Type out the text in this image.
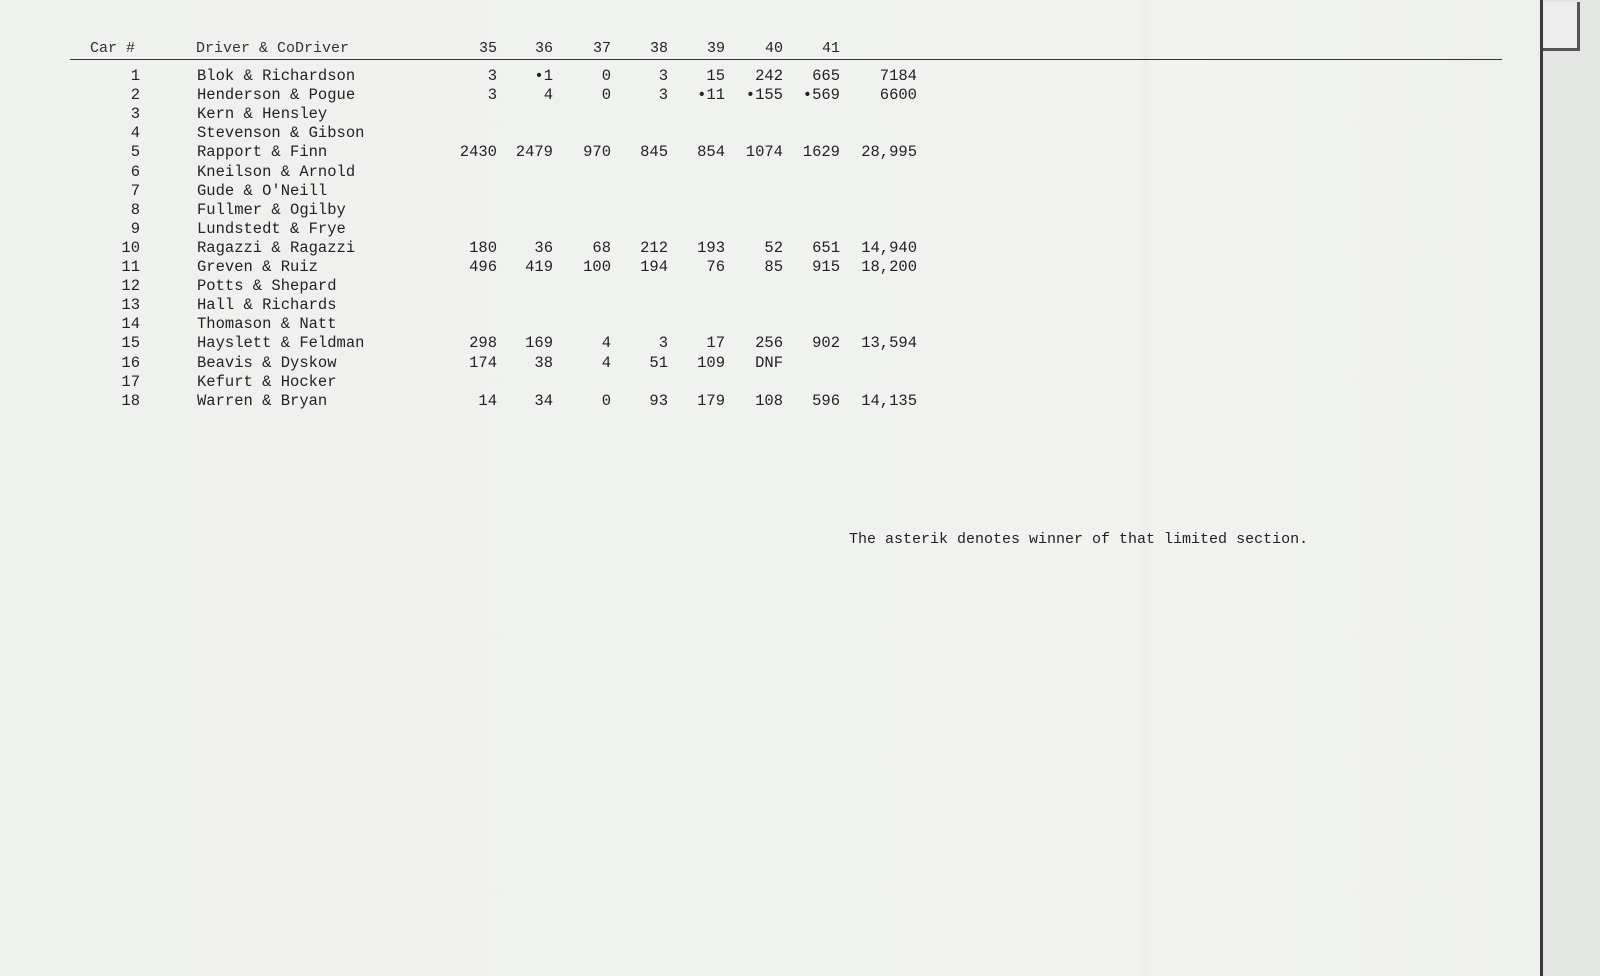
Car #	Driver & CoDriver	35	36	37	38	39	40	41
1	Blok & Richardson	3	•1	0	3	15	242	665	7184
2	Henderson & Pogue	3	4	0	3	•11	•155	•569	6600
3	Kern & Hensley
4	Stevenson & Gibson
5	Rapport & Finn	2430	2479	970	845	854	1074	1629	28,995
6	Kneilson & Arnold
7	Gude & O'Neill
8	Fullmer & Ogilby
9	Lundstedt & Frye
10	Ragazzi & Ragazzi	180	36	68	212	193	52	651	14,940
11	Greven & Ruiz	496	419	100	194	76	85	915	18,200
12	Potts & Shepard
13	Hall & Richards
14	Thomason & Natt
15	Hayslett & Feldman	298	169	4	3	17	256	902	13,594
16	Beavis & Dyskow	174	38	4	51	109	DNF
17	Kefurt & Hocker
18	Warren & Bryan	14	34	0	93	179	108	596	14,135
The asterik denotes winner of that limited section.
